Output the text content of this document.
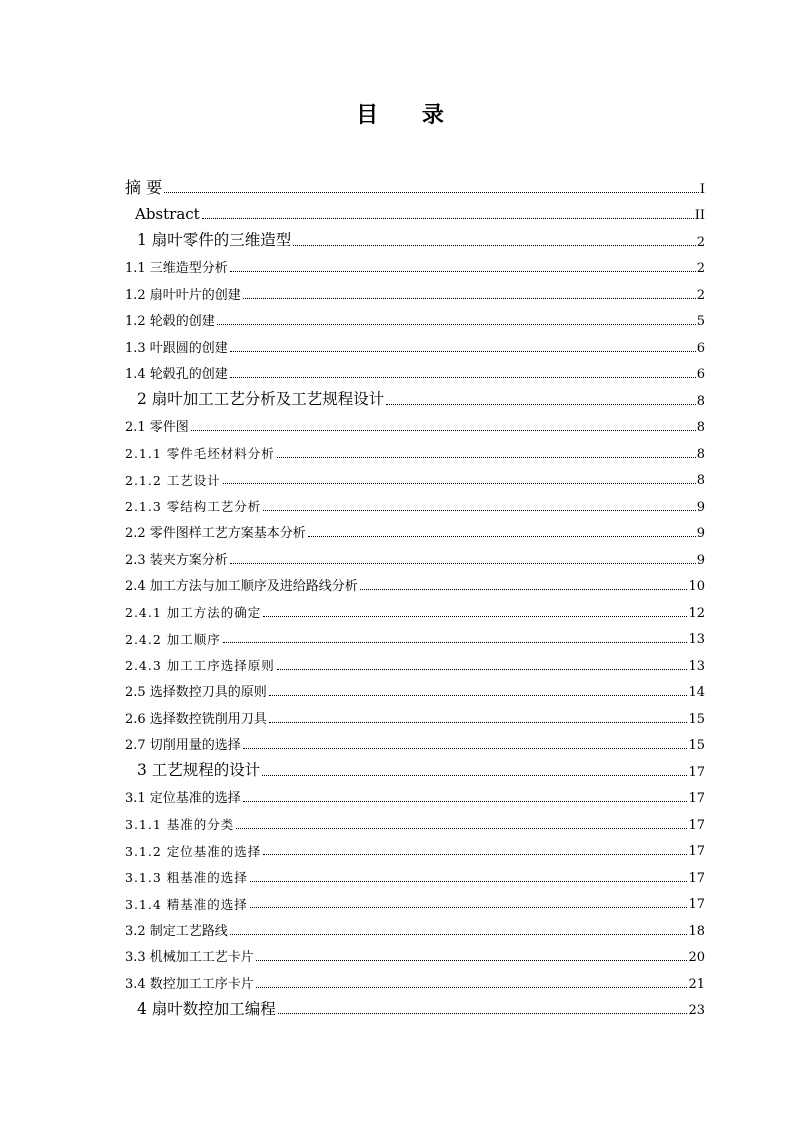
目 录
摘 要	I
Abstract	II
1 扇叶零件的三维造型	2
1.1 三维造型分析	2
1.2 扇叶叶片的创建	2
1.2 轮毂的创建	5
1.3 叶跟圆的创建	6
1.4 轮毂孔的创建	6
2 扇叶加工工艺分析及工艺规程设计	8
2.1 零件图	8
2.1.1 零件毛坯材料分析	8
2.1.2 工艺设计	8
2.1.3 零结构工艺分析	9
2.2 零件图样工艺方案基本分析	9
2.3 装夹方案分析	9
2.4 加工方法与加工顺序及进给路线分析	10
2.4.1 加工方法的确定	12
2.4.2 加工顺序	13
2.4.3 加工工序选择原则	13
2.5 选择数控刀具的原则	14
2.6 选择数控铣削用刀具	15
2.7 切削用量的选择	15
3 工艺规程的设计	17
3.1 定位基准的选择	17
3.1.1 基准的分类	17
3.1.2 定位基准的选择	17
3.1.3 粗基准的选择	17
3.1.4 精基准的选择	17
3.2 制定工艺路线	18
3.3 机械加工工艺卡片	20
3.4 数控加工工序卡片	21
4 扇叶数控加工编程	23
